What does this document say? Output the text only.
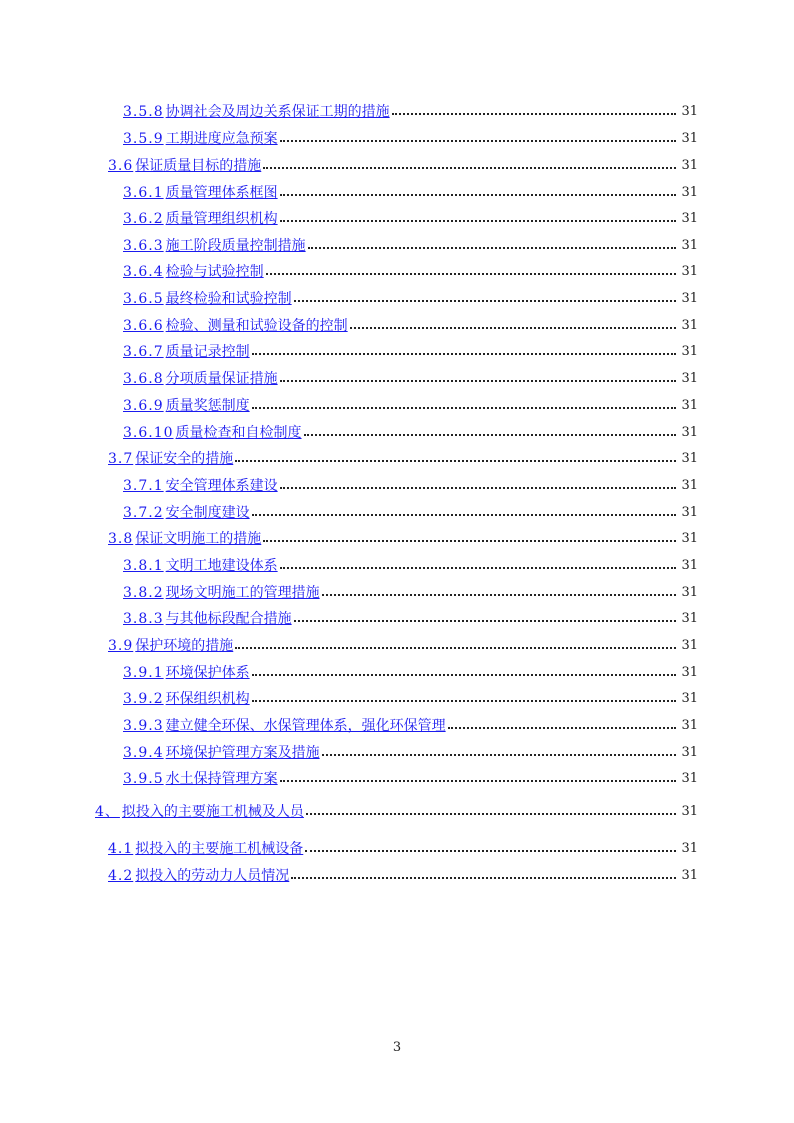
3.5.8 协调社会及周边关系保证工期的措施	31
3.5.9 工期进度应急预案	31
3.6 保证质量目标的措施	31
3.6.1 质量管理体系框图	31
3.6.2 质量管理组织机构	31
3.6.3 施工阶段质量控制措施	31
3.6.4 检验与试验控制	31
3.6.5 最终检验和试验控制	31
3.6.6 检验、测量和试验设备的控制	31
3.6.7 质量记录控制	31
3.6.8 分项质量保证措施	31
3.6.9 质量奖惩制度	31
3.6.10 质量检查和自检制度	31
3.7 保证安全的措施	31
3.7.1 安全管理体系建设	31
3.7.2 安全制度建设	31
3.8 保证文明施工的措施	31
3.8.1 文明工地建设体系	31
3.8.2 现场文明施工的管理措施	31
3.8.3 与其他标段配合措施	31
3.9 保护环境的措施	31
3.9.1 环境保护体系	31
3.9.2 环保组织机构	31
3.9.3 建立健全环保、水保管理体系，强化环保管理	31
3.9.4 环境保护管理方案及措施	31
3.9.5 水土保持管理方案	31
4、 拟投入的主要施工机械及人员	31
4.1 拟投入的主要施工机械设备	31
4.2 拟投入的劳动力人员情况	31
3
